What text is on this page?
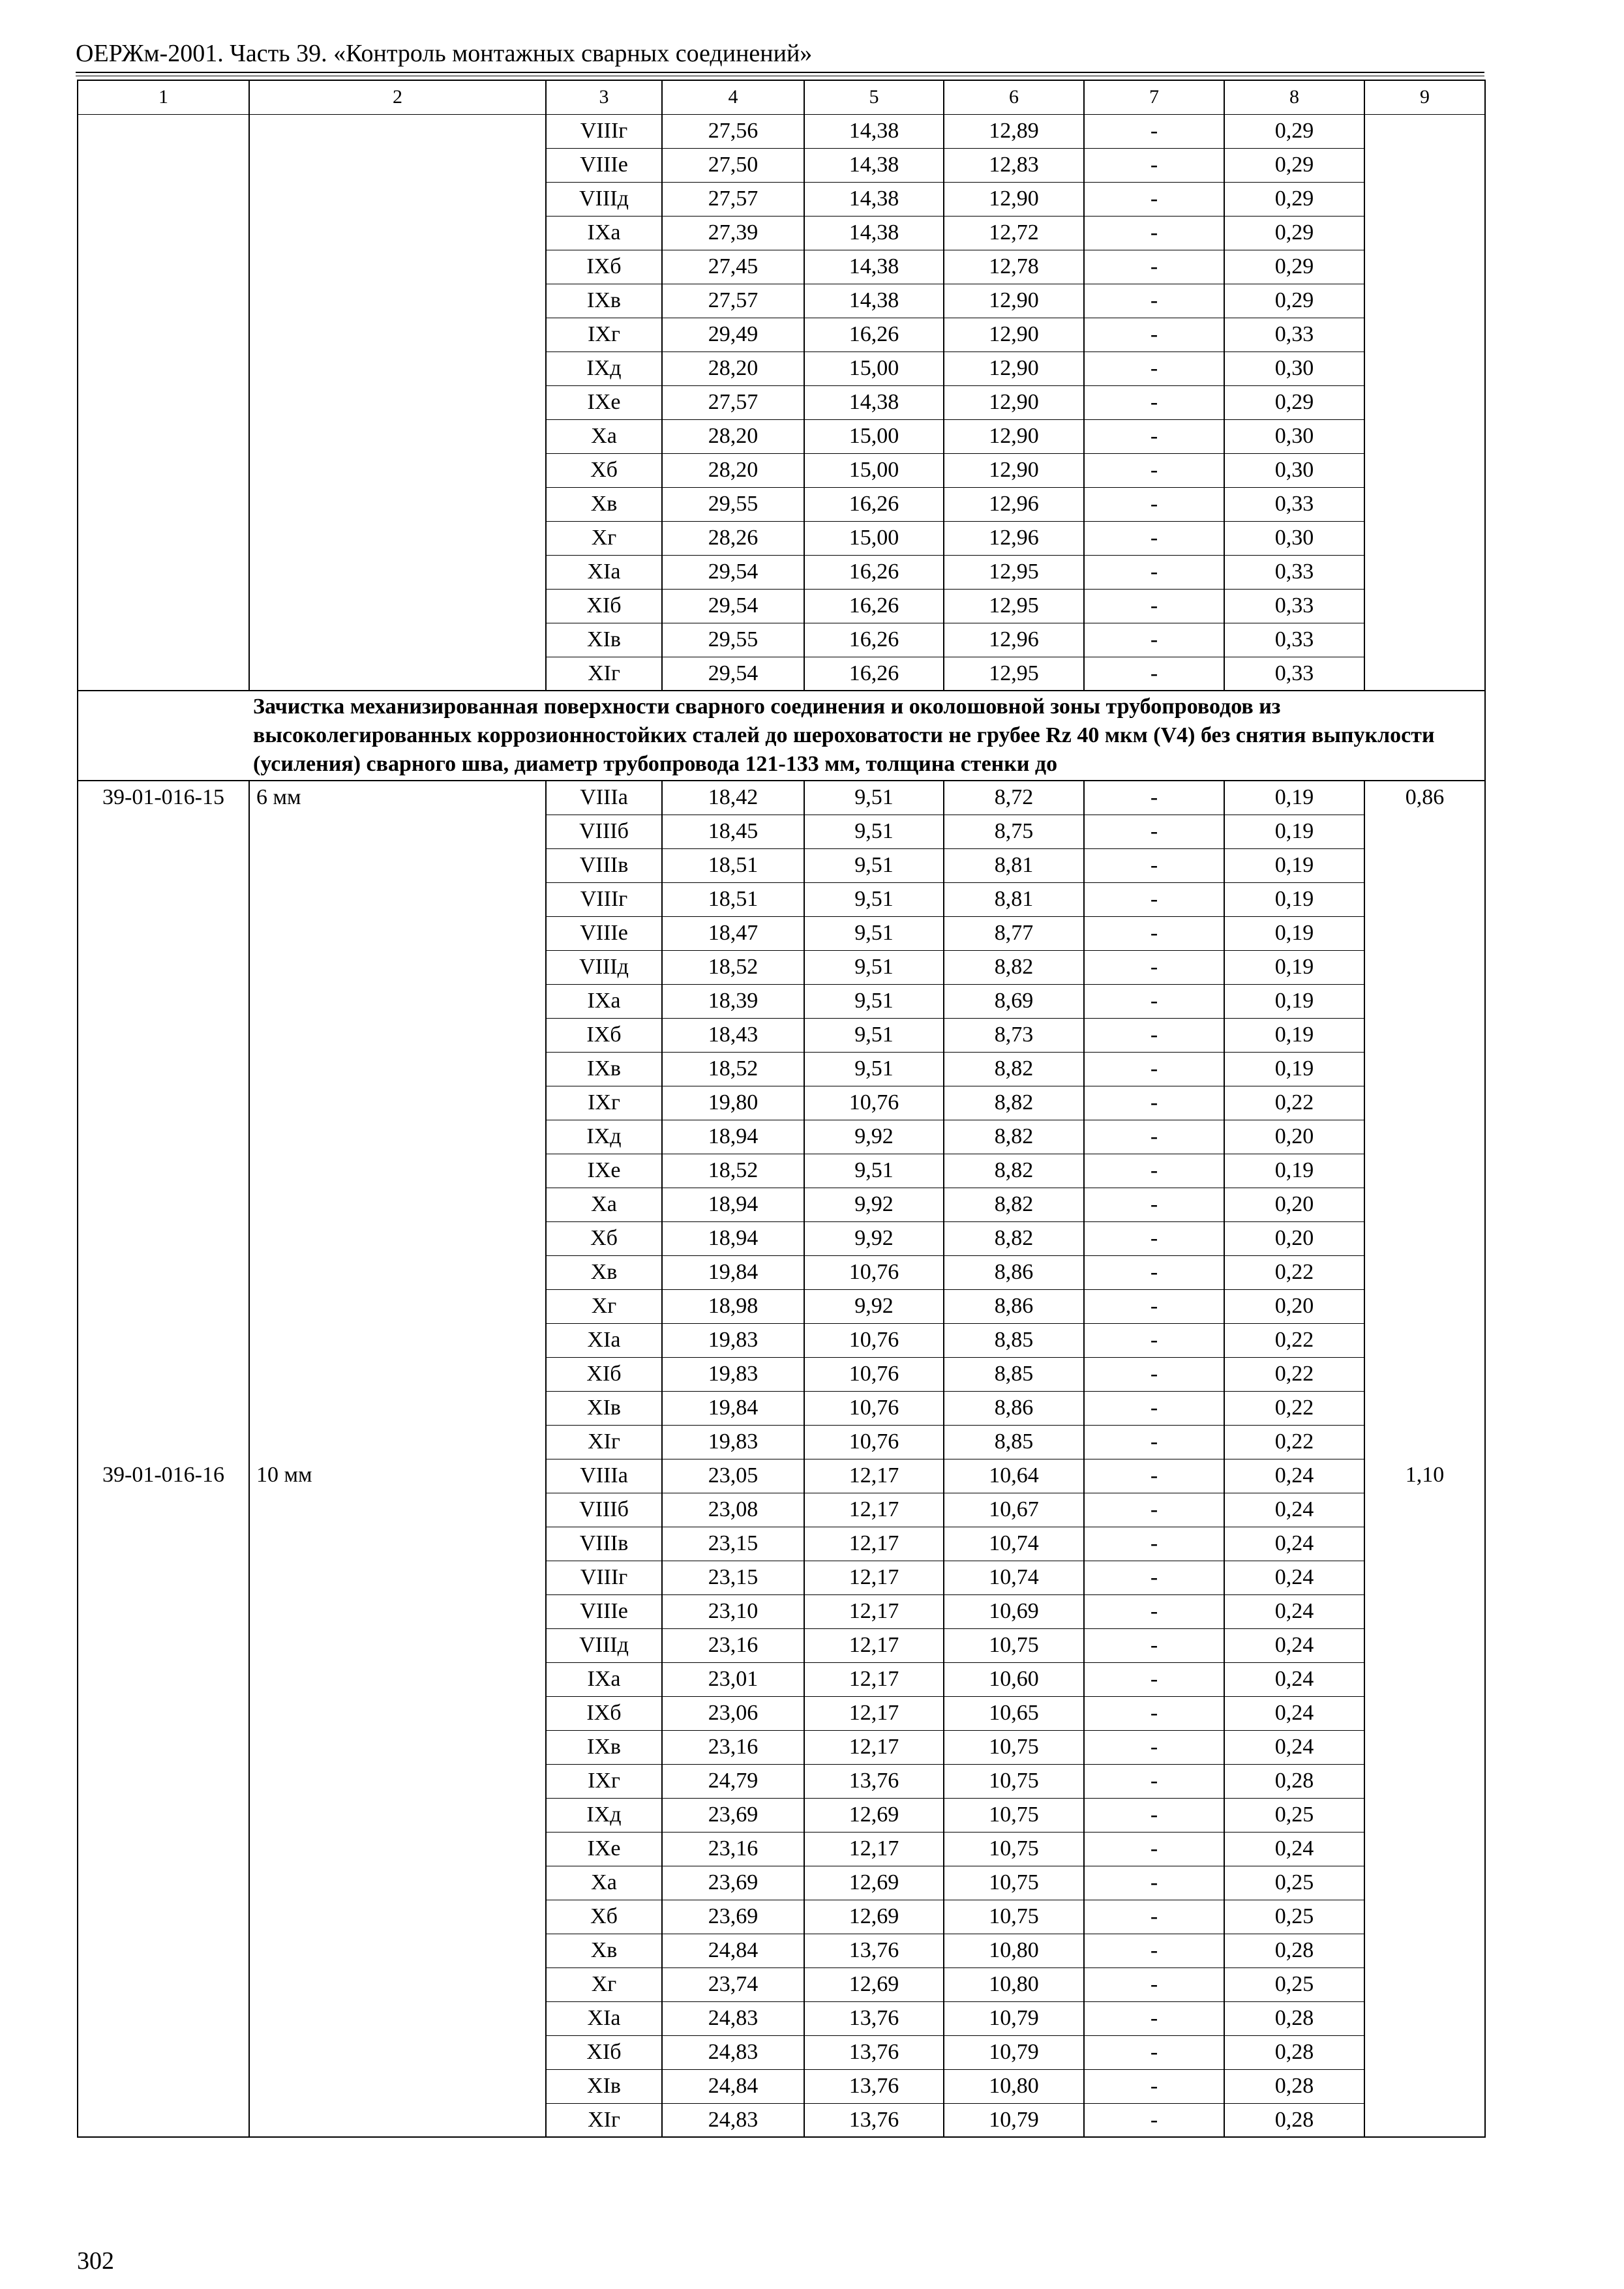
ОЕРЖм-2001. Часть 39. «Контроль монтажных сварных соединений»
1	2	3	4	5	6	7	8	9
		VIIIг	27,56	14,38	12,89	-	0,29	
		VIIIе	27,50	14,38	12,83	-	0,29	
		VIIIд	27,57	14,38	12,90	-	0,29	
		IXа	27,39	14,38	12,72	-	0,29	
		IXб	27,45	14,38	12,78	-	0,29	
		IXв	27,57	14,38	12,90	-	0,29	
		IXг	29,49	16,26	12,90	-	0,33	
		IXд	28,20	15,00	12,90	-	0,30	
		IXе	27,57	14,38	12,90	-	0,29	
		Xа	28,20	15,00	12,90	-	0,30	
		Xб	28,20	15,00	12,90	-	0,30	
		Xв	29,55	16,26	12,96	-	0,33	
		Xг	28,26	15,00	12,96	-	0,30	
		XIа	29,54	16,26	12,95	-	0,33	
		XIб	29,54	16,26	12,95	-	0,33	
		XIв	29,55	16,26	12,96	-	0,33	
		XIг	29,54	16,26	12,95	-	0,33	
	Зачистка механизированная поверхности сварного соединения и околошовной зоны трубопроводов из высоколегированных коррозионностойких сталей до шероховатости не грубее Rz 40 мкм (V4) без снятия выпуклости (усиления) сварного шва, диаметр трубопровода 121-133 мм, толщина стенки до							
39-01-016-15	6 мм	VIIIа	18,42	9,51	8,72	-	0,19	0,86
		VIIIб	18,45	9,51	8,75	-	0,19	
		VIIIв	18,51	9,51	8,81	-	0,19	
		VIIIг	18,51	9,51	8,81	-	0,19	
		VIIIе	18,47	9,51	8,77	-	0,19	
		VIIIд	18,52	9,51	8,82	-	0,19	
		IXа	18,39	9,51	8,69	-	0,19	
		IXб	18,43	9,51	8,73	-	0,19	
		IXв	18,52	9,51	8,82	-	0,19	
		IXг	19,80	10,76	8,82	-	0,22	
		IXд	18,94	9,92	8,82	-	0,20	
		IXе	18,52	9,51	8,82	-	0,19	
		Xа	18,94	9,92	8,82	-	0,20	
		Xб	18,94	9,92	8,82	-	0,20	
		Xв	19,84	10,76	8,86	-	0,22	
		Xг	18,98	9,92	8,86	-	0,20	
		XIа	19,83	10,76	8,85	-	0,22	
		XIб	19,83	10,76	8,85	-	0,22	
		XIв	19,84	10,76	8,86	-	0,22	
		XIг	19,83	10,76	8,85	-	0,22	
39-01-016-16	10 мм	VIIIа	23,05	12,17	10,64	-	0,24	1,10
		VIIIб	23,08	12,17	10,67	-	0,24	
		VIIIв	23,15	12,17	10,74	-	0,24	
		VIIIг	23,15	12,17	10,74	-	0,24	
		VIIIе	23,10	12,17	10,69	-	0,24	
		VIIIд	23,16	12,17	10,75	-	0,24	
		IXа	23,01	12,17	10,60	-	0,24	
		IXб	23,06	12,17	10,65	-	0,24	
		IXв	23,16	12,17	10,75	-	0,24	
		IXг	24,79	13,76	10,75	-	0,28	
		IXд	23,69	12,69	10,75	-	0,25	
		IXе	23,16	12,17	10,75	-	0,24	
		Xа	23,69	12,69	10,75	-	0,25	
		Xб	23,69	12,69	10,75	-	0,25	
		Xв	24,84	13,76	10,80	-	0,28	
		Xг	23,74	12,69	10,80	-	0,25	
		XIа	24,83	13,76	10,79	-	0,28	
		XIб	24,83	13,76	10,79	-	0,28	
		XIв	24,84	13,76	10,80	-	0,28	
		XIг	24,83	13,76	10,79	-	0,28	
302
